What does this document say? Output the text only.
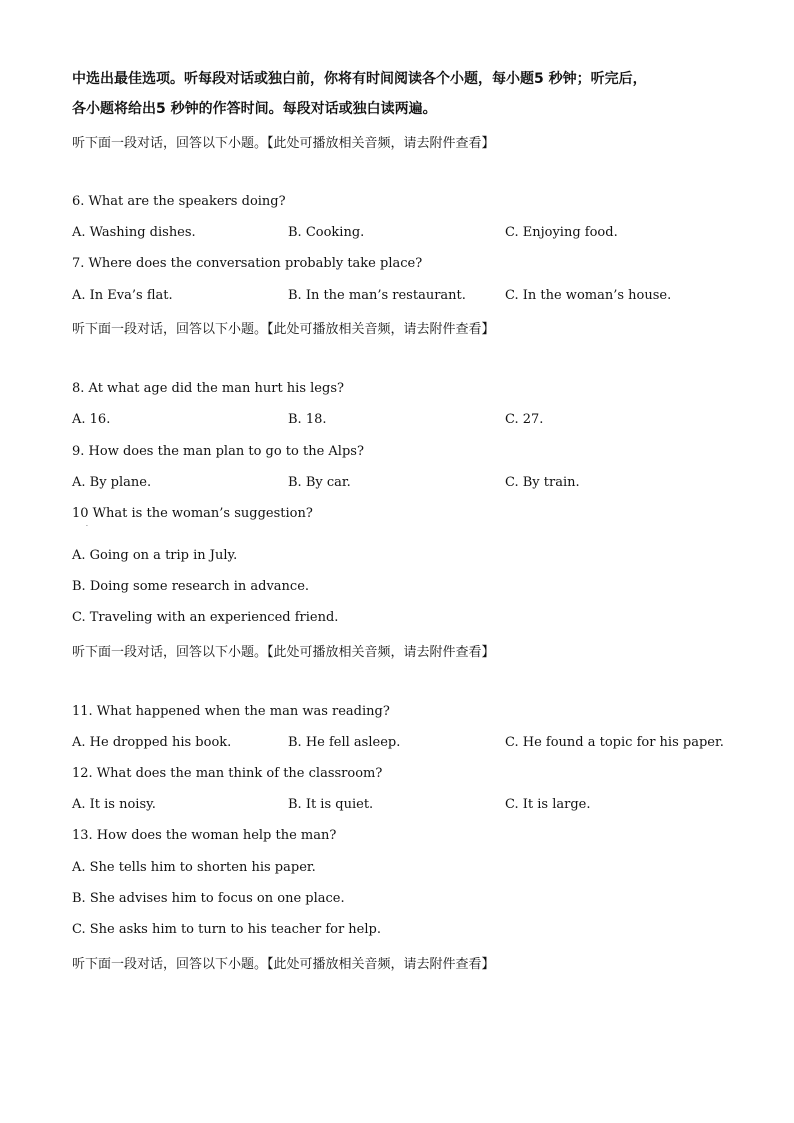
中选出最佳选项。听每段对话或独白前，你将有时间阅读各个小题，每小题5 秒钟；听完后，
各小题将给出5 秒钟的作答时间。每段对话或独白读两遍。
听下面一段对话，回答以下小题。【此处可播放相关音频，请去附件查看】
6. What are the speakers doing?
A. Washing dishes.	B. Cooking.	C. Enjoying food.
7. Where does the conversation probably take place?
A. In Eva’s flat.	B. In the man’s restaurant.	C. In the woman’s house.
听下面一段对话，回答以下小题。【此处可播放相关音频，请去附件查看】
8. At what age did the man hurt his legs?
A. 16.	B. 18.	C. 27.
9. How does the man plan to go to the Alps?
A. By plane.	B. By car.	C. By train.
10 What is the woman’s suggestion?
·
A. Going on a trip in July.
B. Doing some research in advance.
C. Traveling with an experienced friend.
听下面一段对话，回答以下小题。【此处可播放相关音频，请去附件查看】
11. What happened when the man was reading?
A. He dropped his book.	B. He fell asleep.	C. He found a topic for his paper.
12. What does the man think of the classroom?
A. It is noisy.	B. It is quiet.	C. It is large.
13. How does the woman help the man?
A. She tells him to shorten his paper.
B. She advises him to focus on one place.
C. She asks him to turn to his teacher for help.
听下面一段对话，回答以下小题。【此处可播放相关音频，请去附件查看】
